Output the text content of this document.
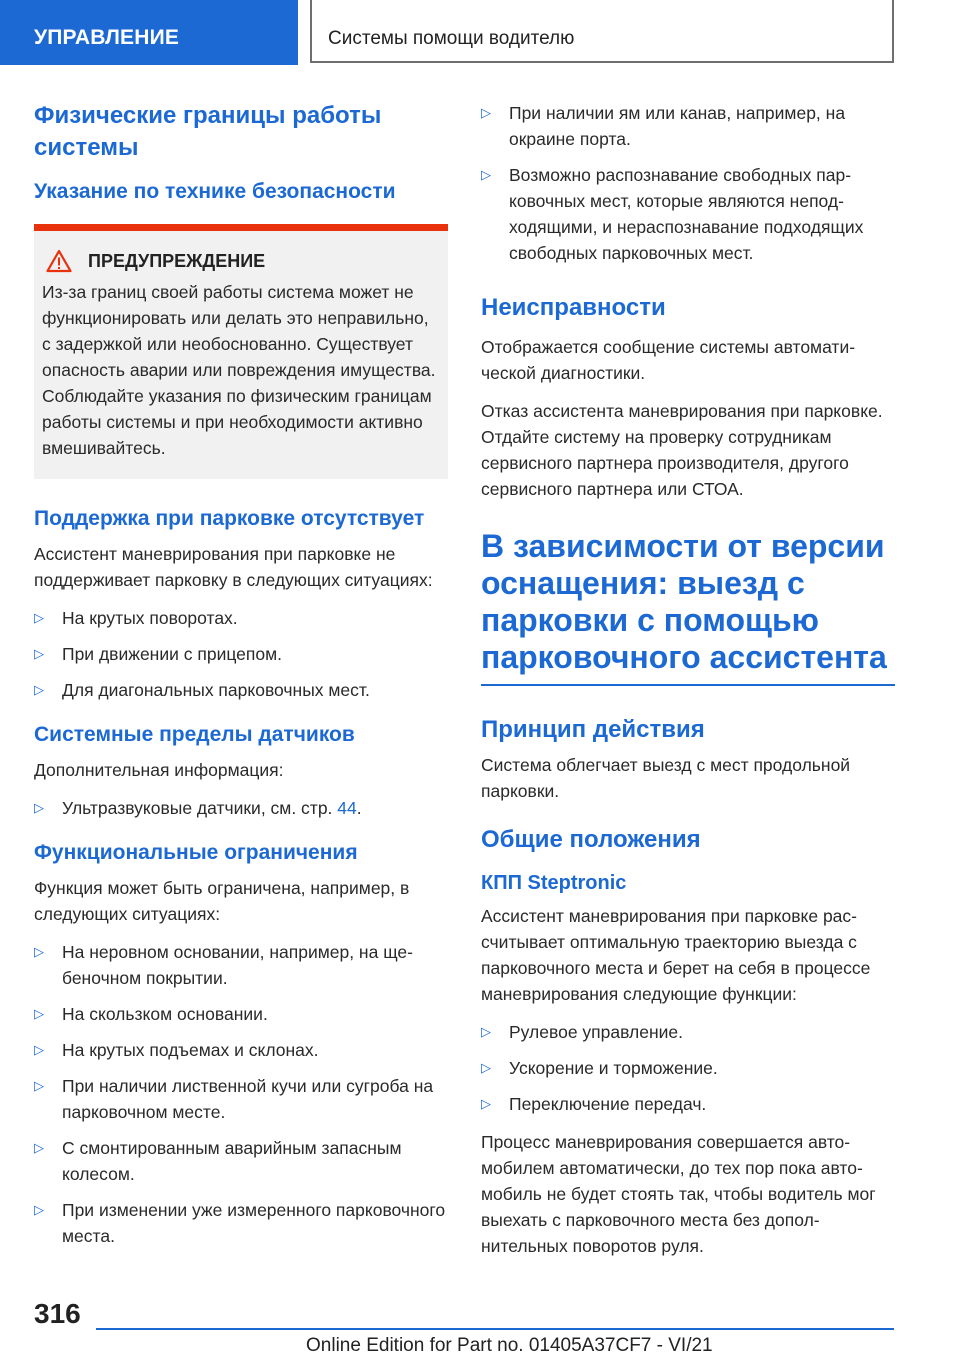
УПРАВЛЕНИЕ	Системы помощи водителю
Физические границы работы системы
Указание по технике безопасности
ПРЕДУПРЕЖДЕНИЕ

Из-за границ своей работы система может не функционировать или делать это неправильно, с задержкой или необоснованно. Существует опасность аварии или повреждения имущества. Соблюдайте указания по физическим границам работы системы и при необходимости активно вмешивайтесь.

Поддержка при парковке отсутствует

Ассистент маневрирования при парковке не поддерживает парковку в следующих ситуациях:

▷ На крутых поворотах.
▷ При движении с прицепом.
▷ Для диагональных парковочных мест.
Системные пределы датчиков

Дополнительная информация:

▷ Ультразвуковые датчики, см. стр. 44.
Функциональные ограничения

Функция может быть ограничена, например, в следующих ситуациях:

▷ На неровном основании, например, на щебеночном покрытии.
▷ На скользком основании.
▷ На крутых подъемах и склонах.
▷ При наличии лиственной кучи или сугроба на парковочном месте.
▷ С смонтированным аварийным запасным колесом.
▷ При изменении уже измеренного парковочного места.
▷ При наличии ям или канав, например, на окраине порта.
▷ Возможно распознавание свободных парковочных мест, которые являются неподходящими, и нераспознавание подходящих свободных парковочных мест.
Неисправности

Отображается сообщение системы автоматической диагностики.

Отказ ассистента маневрирования при парковке. Отдайте систему на проверку сотрудникам сервисного партнера производителя, другого сервисного партнера или СТОА.

В зависимости от версии оснащения: выезд с парковки с помощью парковочного ассистента
Принцип действия

Система облегчает выезд с мест продольной парковки.

Общие положения
КПП Steptronic

Ассистент маневрирования при парковке рассчитывает оптимальную траекторию выезда с парковочного места и берет на себя в процессе маневрирования следующие функции:

▷ Рулевое управление.
▷ Ускорение и торможение.
▷ Переключение передач.

Процесс маневрирования совершается автомобилем автоматически, до тех пор пока автомобиль не будет стоять так, чтобы водитель мог выехать с парковочного места без дополнительных поворотов руля.

316
Online Edition for Part no. 01405A37CF7 - VI/21
